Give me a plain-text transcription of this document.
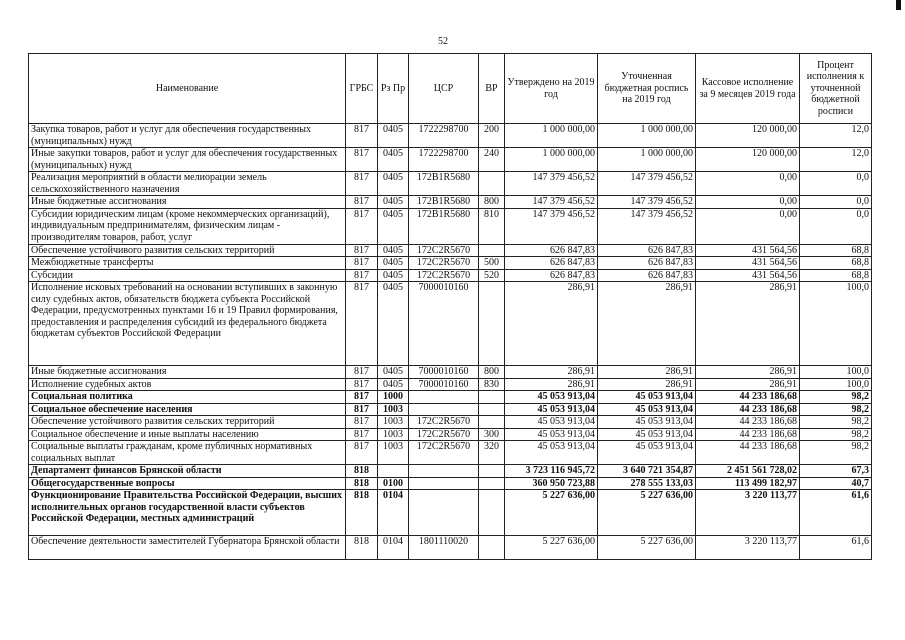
52
Наименование	ГРБС	Рз Пр	ЦСР	ВР	Утверждено на 2019 год	Уточненная бюджетная роспись на 2019 год	Кассовое исполнение за 9 месяцев 2019 года	Процент исполнения к уточненной бюджетной росписи
Закупка товаров, работ и услуг для обеспечения государственных (муниципальных) нужд	817	0405	1722298700	200	1 000 000,00	1 000 000,00	120 000,00	12,0
Иные закупки товаров, работ и услуг для обеспечения государственных (муниципальных) нужд	817	0405	1722298700	240	1 000 000,00	1 000 000,00	120 000,00	12,0
Реализация мероприятий в области мелиорации земель сельскохозяйственного назначения	817	0405	172B1R5680		147 379 456,52	147 379 456,52	0,00	0,0
Иные бюджетные ассигнования	817	0405	172B1R5680	800	147 379 456,52	147 379 456,52	0,00	0,0
Субсидии юридическим лицам (кроме некоммерческих организаций), индивидуальным предпринимателям, физическим лицам - производителям товаров, работ, услуг	817	0405	172B1R5680	810	147 379 456,52	147 379 456,52	0,00	0,0
Обеспечение устойчивого развития сельских территорий	817	0405	172C2R5670		626 847,83	626 847,83	431 564,56	68,8
Межбюджетные трансферты	817	0405	172C2R5670	500	626 847,83	626 847,83	431 564,56	68,8
Субсидии	817	0405	172C2R5670	520	626 847,83	626 847,83	431 564,56	68,8
Исполнение исковых требований на основании вступивших в законную силу судебных актов, обязательств бюджета субъекта Российской Федерации, предусмотренных пунктами 16 и 19 Правил формирования, предоставления и распределения субсидий из федерального бюджета бюджетам субъектов Российской Федерации	817	0405	7000010160		286,91	286,91	286,91	100,0
Иные бюджетные ассигнования	817	0405	7000010160	800	286,91	286,91	286,91	100,0
Исполнение судебных актов	817	0405	7000010160	830	286,91	286,91	286,91	100,0
Социальная политика	817	1000			45 053 913,04	45 053 913,04	44 233 186,68	98,2
Социальное обеспечение населения	817	1003			45 053 913,04	45 053 913,04	44 233 186,68	98,2
Обеспечение устойчивого развития сельских территорий	817	1003	172C2R5670		45 053 913,04	45 053 913,04	44 233 186,68	98,2
Социальное обеспечение и иные выплаты населению	817	1003	172C2R5670	300	45 053 913,04	45 053 913,04	44 233 186,68	98,2
Социальные выплаты гражданам, кроме публичных нормативных социальных выплат	817	1003	172C2R5670	320	45 053 913,04	45 053 913,04	44 233 186,68	98,2
Департамент финансов Брянской области	818				3 723 116 945,72	3 640 721 354,87	2 451 561 728,02	67,3
Общегосударственные вопросы	818	0100			360 950 723,88	278 555 133,03	113 499 182,97	40,7
Функционирование Правительства Российской Федерации, высших исполнительных органов государственной власти субъектов Российской Федерации, местных администраций	818	0104			5 227 636,00	5 227 636,00	3 220 113,77	61,6
Обеспечение деятельности заместителей Губернатора Брянской области	818	0104	1801110020		5 227 636,00	5 227 636,00	3 220 113,77	61,6
